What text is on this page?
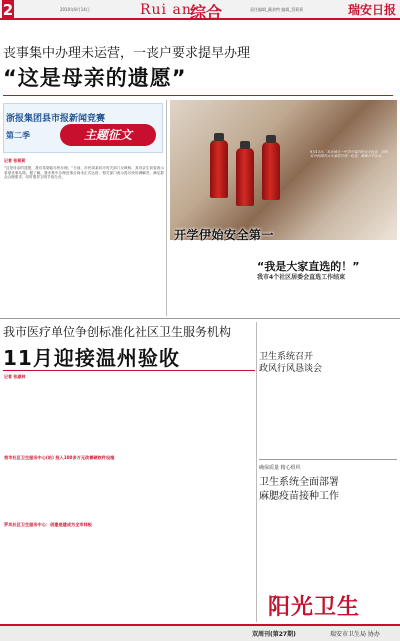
2	2010年8月14日	Rui an
综合	责任编辑_戴余特 编辑_蔡莉莉	瑞安日报
丧事集中办理未运营，一丧户要求提早办理
“这是母亲的遗愿”
浙报集团县市报新闻竞赛
第二季	主题征文
记者 张莉莉
“这是母亲的遗愿，我们希望能尽快办理。”日前，市民周某向市有关部门反映称，其母亲生前曾表示希望丧事从简。据了解，我市集中办理丧事点尚未正式运营，相关部门表示将尽快协调解决，满足群众合理需求，同时倡导文明节俭办丧。
开学伊始安全第一
9月13日，本市城关一中学开展消防安全检查，消防员对校园内灭火器进行逐一检查，确保开学安全。
“我是大家直选的！”
我市4个社区居委会直选工作结束
我市医疗单位争创标准化社区卫生服务机构
11月迎接温州验收
记者 张淑林
我市社区卫生服务中心(站) 投入100多万元改善硬软件设施
罗凤社区卫生服务中心：创建是建成为全市样板
卫生系统召开
政风行风恳谈会
确保质量 精心组织
卫生系统全面部署
麻腮疫苗接种工作
阳光卫生
双周刊(第27期)	瑞安市卫生局 协办
